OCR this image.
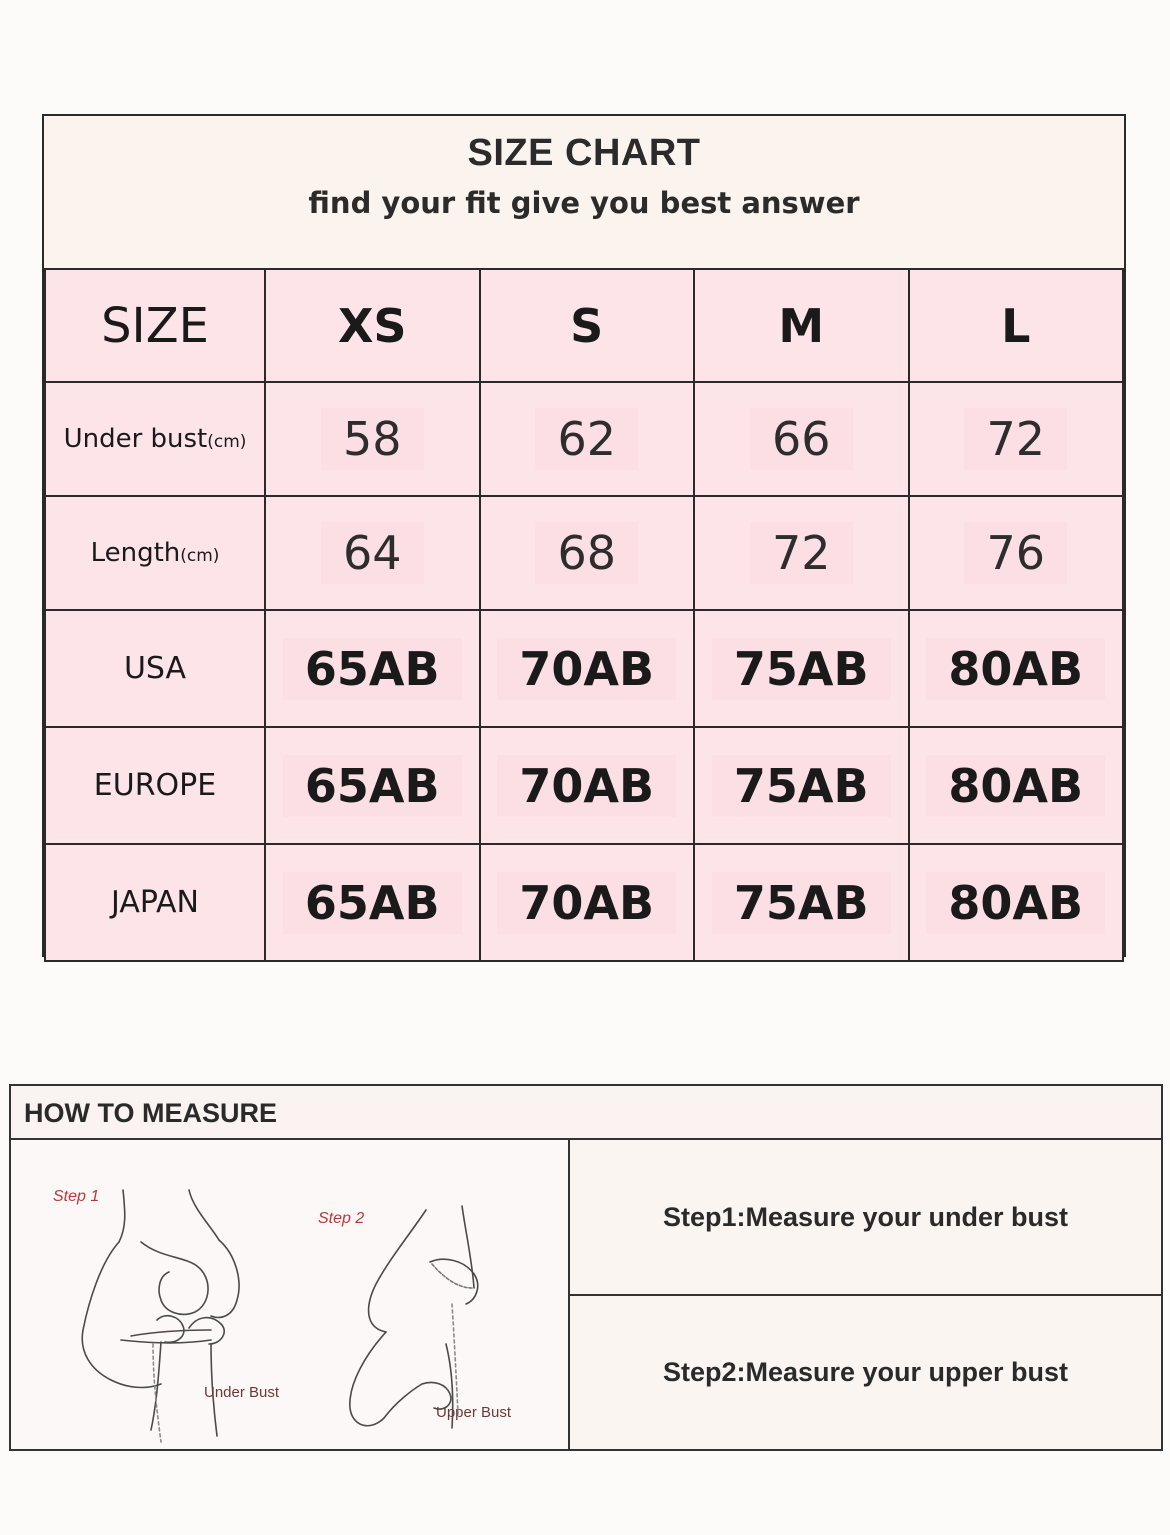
SIZE CHART
find your fit give you best answer
SIZE	XS	S	M	L
Under bust(cm)	58	62	66	72
Length(cm)	64	68	72	76
USA	65AB	70AB	75AB	80AB
EUROPE	65AB	70AB	75AB	80AB
JAPAN	65AB	70AB	75AB	80AB
HOW TO MEASURE
Step 1
Under Bust
Step 2
Upper Bust
Step1:Measure your under bust
Step2:Measure your upper bust
